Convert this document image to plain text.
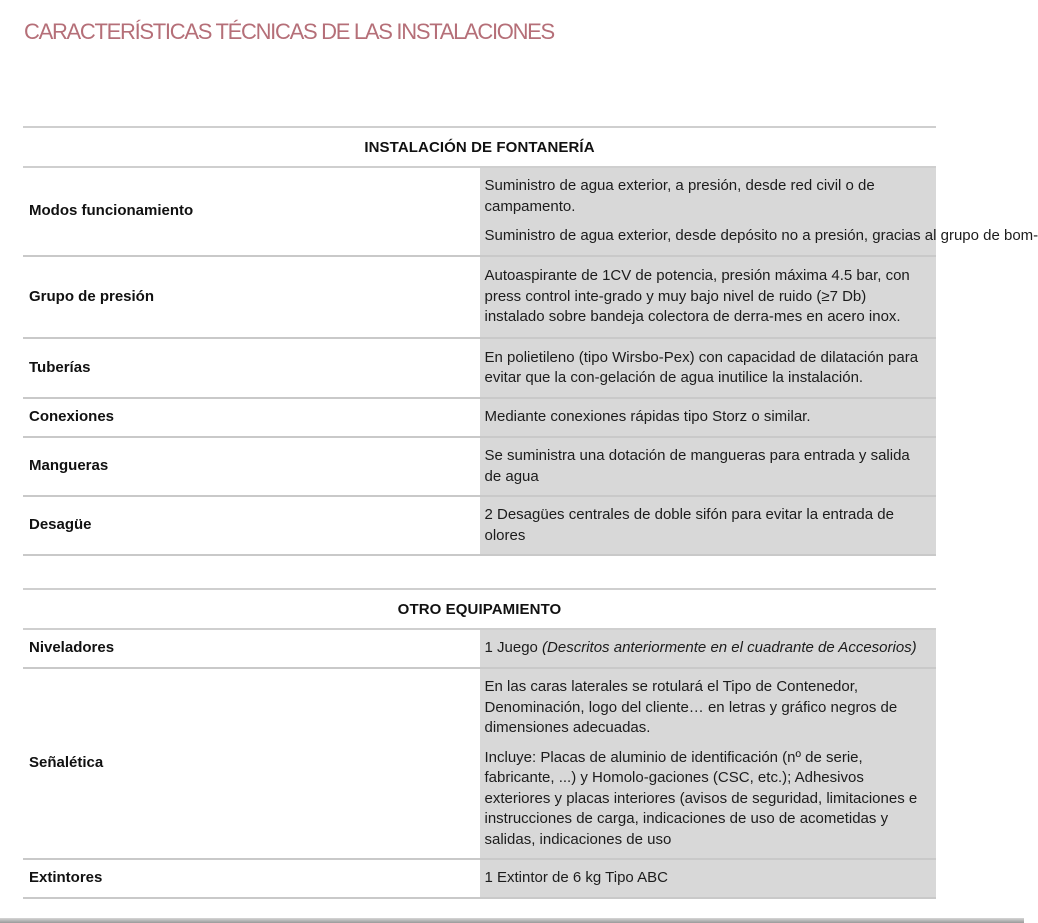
CARACTERÍSTICAS TÉCNICAS DE LAS INSTALACIONES
INSTALACIÓN DE FONTANERÍA	
Modos funcionamiento	Suministro de agua exterior, a presión, desde red civil o de campamento.

Suministro de agua exterior, desde depósito no a presión, gracias al grupo de bom-

Grupo de presión	Autoaspirante de 1CV de potencia, presión máxima 4.5 bar, con press control inte-grado y muy bajo nivel de ruido (≥7 Db) instalado sobre bandeja colectora de derra-mes en acero inox.

Tuberías	En polietileno (tipo Wirsbo-Pex) con capacidad de dilatación para evitar que la con-gelación de agua inutilice la instalación.

Conexiones	Mediante conexiones rápidas tipo Storz o similar.

Mangueras	Se suministra una dotación de mangueras para entrada y salida de agua

Desagüe	2 Desagües centrales de doble sifón para evitar la entrada de olores

OTRO EQUIPAMIENTO	
Niveladores	1 Juego (Descritos anteriormente en el cuadrante de Accesorios)

Señalética	En las caras laterales se rotulará el Tipo de Contenedor, Denominación, logo del cliente… en letras y gráfico negros de dimensiones adecuadas.

Incluye: Placas de aluminio de identificación (nº de serie, fabricante, ...) y Homolo-gaciones (CSC, etc.); Adhesivos exteriores y placas interiores (avisos de seguridad, limitaciones e instrucciones de carga, indicaciones de uso de acometidas y salidas, indicaciones de uso

Extintores	1 Extintor de 6 kg Tipo ABC
